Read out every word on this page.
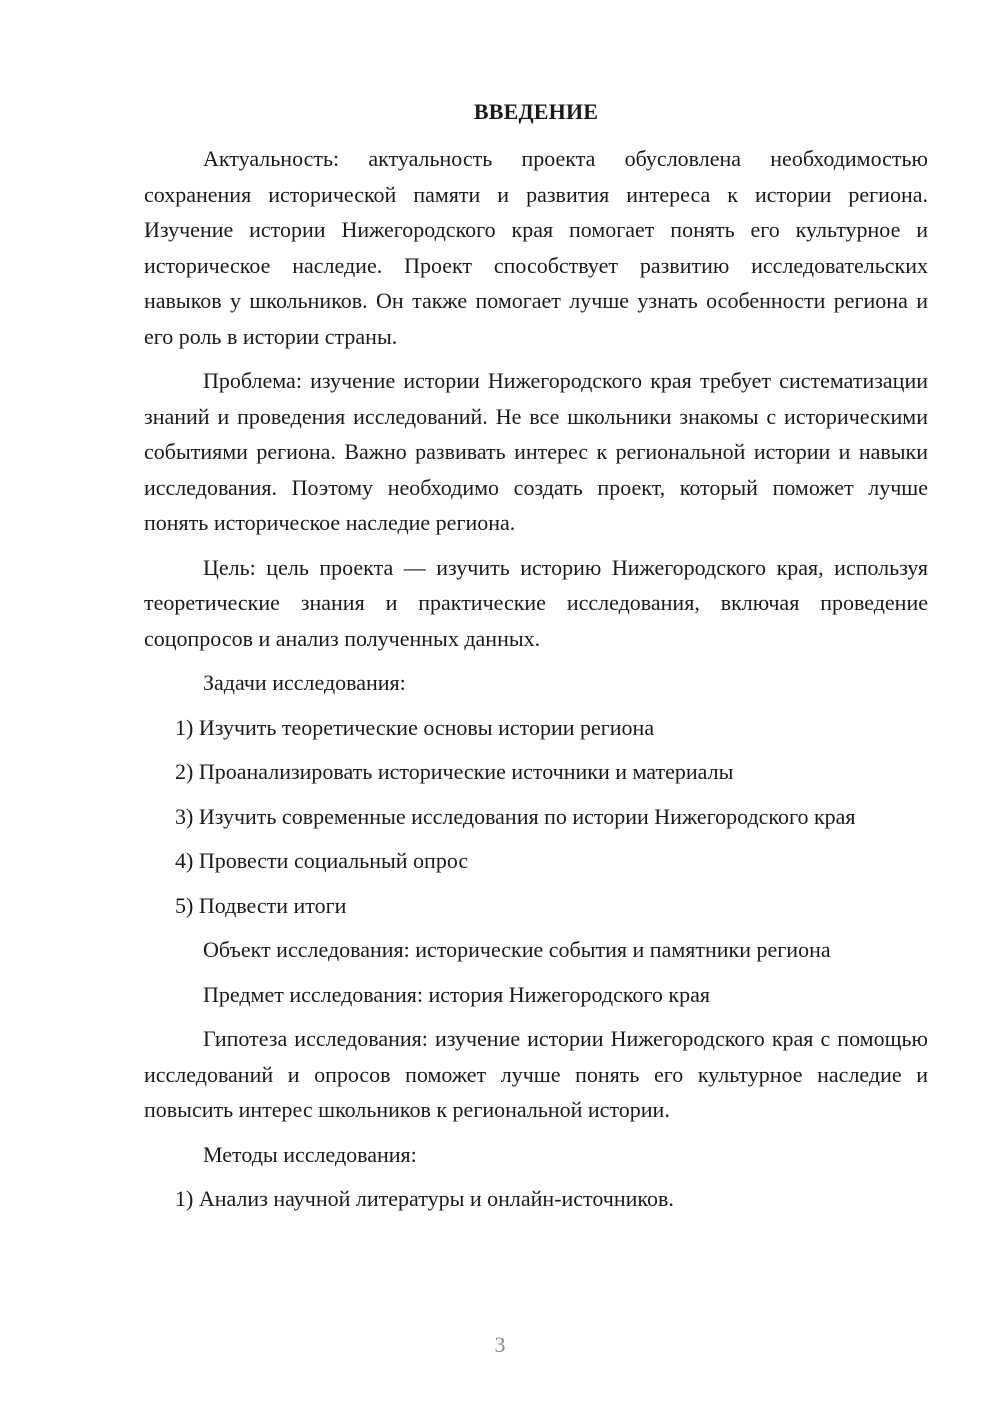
ВВЕДЕНИЕ

Актуальность: актуальность проекта обусловлена необходимостью сохранения исторической памяти и развития интереса к истории региона. Изучение истории Нижегородского края помогает понять его культурное и историческое наследие. Проект способствует развитию исследовательских навыков у школьников. Он также помогает лучше узнать особенности региона и его роль в истории страны.

Проблема: изучение истории Нижегородского края требует систематизации знаний и проведения исследований. Не все школьники знакомы с историческими событиями региона. Важно развивать интерес к региональной истории и навыки исследования. Поэтому необходимо создать проект, который поможет лучше понять историческое наследие региона.

Цель: цель проекта — изучить историю Нижегородского края, используя теоретические знания и практические исследования, включая проведение соцопросов и анализ полученных данных.

Задачи исследования:

1) Изучить теоретические основы истории региона

2) Проанализировать исторические источники и материалы

3) Изучить современные исследования по истории Нижегородского края

4) Провести социальный опрос

5) Подвести итоги

Объект исследования: исторические события и памятники региона

Предмет исследования: история Нижегородского края

Гипотеза исследования: изучение истории Нижегородского края с помощью исследований и опросов поможет лучше понять его культурное наследие и повысить интерес школьников к региональной истории.

Методы исследования:

1) Анализ научной литературы и онлайн-источников.

3
